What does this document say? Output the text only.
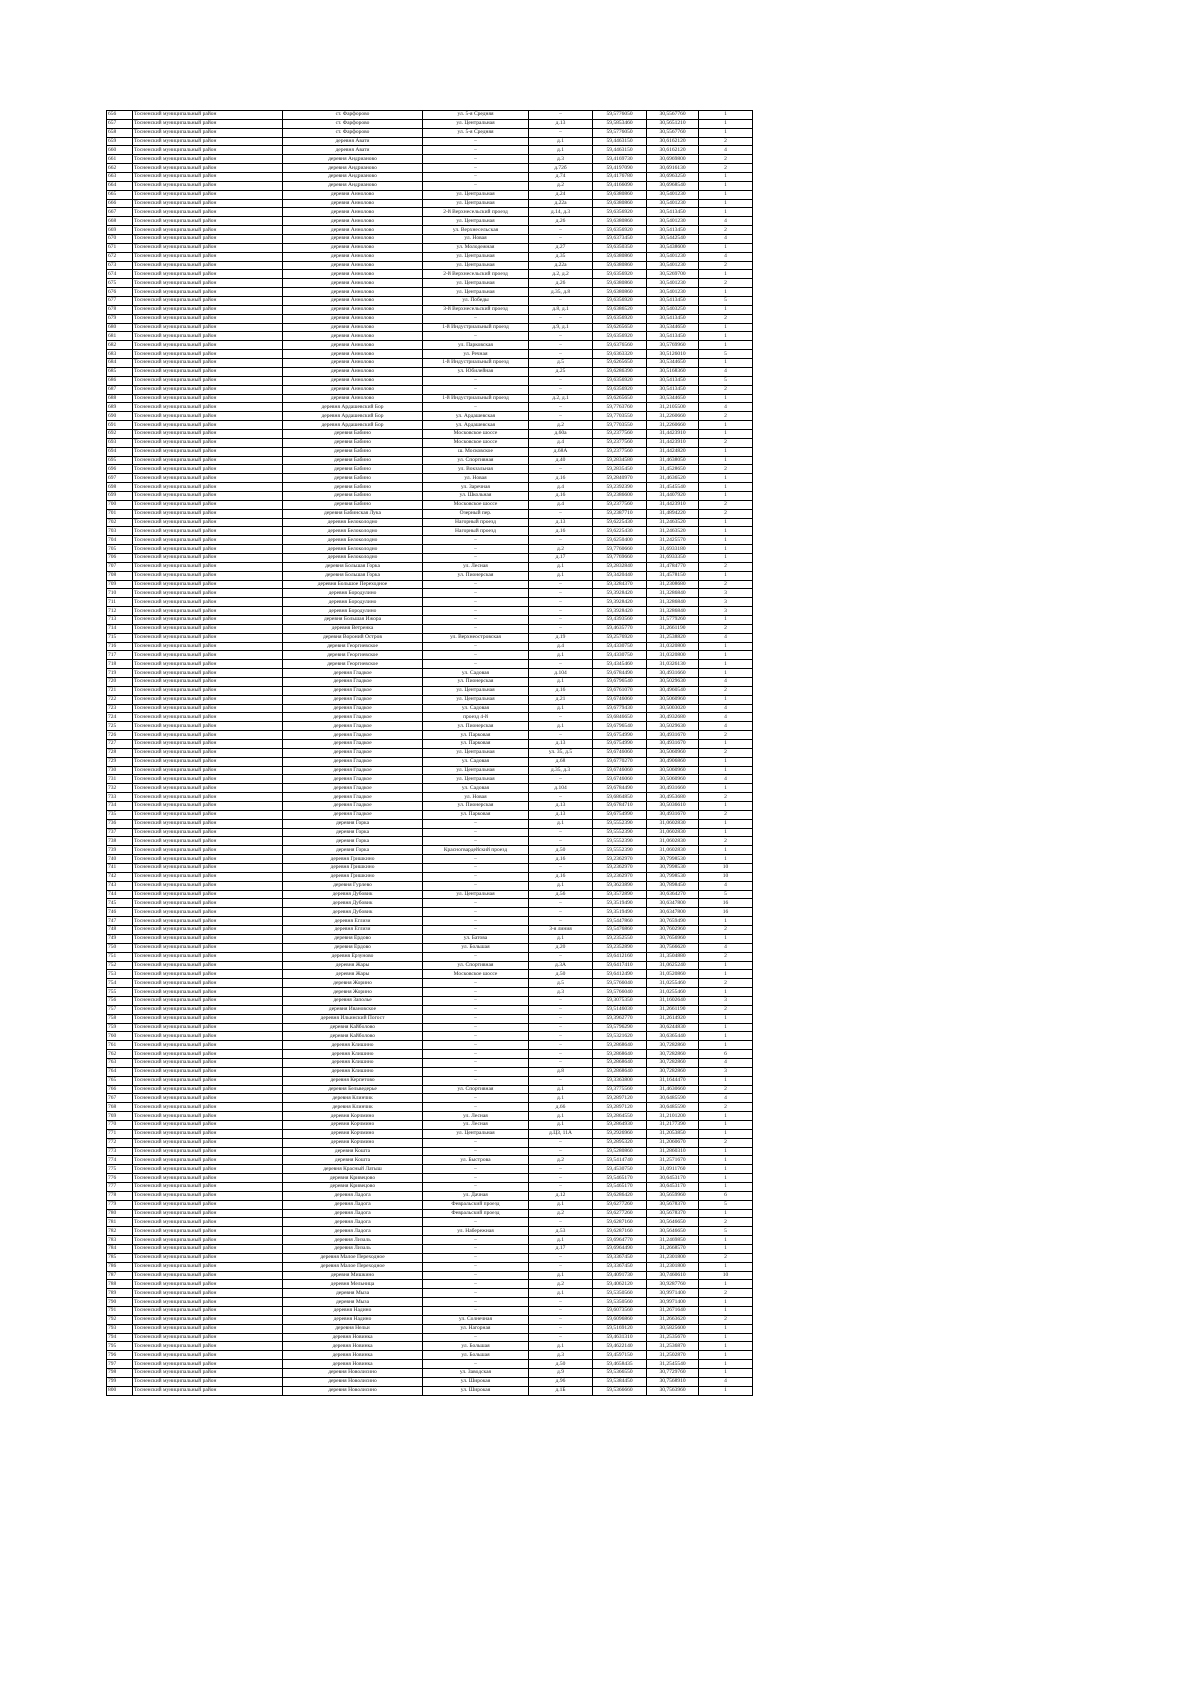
656	Тосненский муниципальный район	ст. Фарфорово	ул. 5-я Средняя	–	59,5776050	30,5567760	1
657	Тосненский муниципальный район	ст. Фарфорово	ул. Центральная	д.13	59,5853460	30,5651210	1
658	Тосненский муниципальный район	ст. Фарфорово	ул. 5-я Средняя	–	59,5776050	30,5567760	1
659	Тосненский муниципальный район	деревня Авати	–	д.1	59,4463150	30,6162120	2
660	Тосненский муниципальный район	деревня Авати	–	д.1	59,4463150	30,6162120	4
661	Тосненский муниципальный район	деревня Андрианово	–	д.3	59,4169730	30,6969800	2
662	Тосненский муниципальный район	деревня Андрианово	–	д.72б	59,4197090	30,6916130	2
663	Тосненский муниципальный район	деревня Андрианово	–	д.74	59,4176780	30,6963250	1
664	Тосненский муниципальный район	деревня Андрианово	–	д.2	59,4166090	30,6968540	1
665	Тосненский муниципальный район	деревня Аннолово	ул. Центральная	д.24	59,6380860	30,5401230	1
666	Тосненский муниципальный район	деревня Аннолово	ул. Центральная	д.22а	59,6380860	30,5401230	1
667	Тосненский муниципальный район	деревня Аннолово	2-й Верхнесельский проезд	д.14, д.3	59,6356920	30,5413450	1
668	Тосненский муниципальный район	деревня Аннолово	ул. Центральная	д.26	59,6380860	30,5401230	4
669	Тосненский муниципальный район	деревня Аннолово	ул. Верхнесельская	–	59,6356920	30,5413450	2
670	Тосненский муниципальный район	деревня Аннолово	ул. Новая	–	59,6373450	30,5442540	4
671	Тосненский муниципальный район	деревня Аннолово	ул. Молодежная	д.27	59,6350350	30,5438600	1
672	Тосненский муниципальный район	деревня Аннолово	ул. Центральная	д.35	59,6380860	30,5401230	4
673	Тосненский муниципальный район	деревня Аннолово	ул. Центральная	д.22а	59,6380860	30,5401230	2
674	Тосненский муниципальный район	деревня Аннолово	2-й Верхнесельский проезд	д.2, д.2	59,6356920	30,5269700	1
675	Тосненский муниципальный район	деревня Аннолово	ул. Центральная	д.26	59,6380860	30,5401230	2
676	Тосненский муниципальный район	деревня Аннолово	ул. Центральная	д.35, д.8	59,6380860	30,5401230	1
677	Тосненский муниципальный район	деревня Аннолово	ул. Победы	–	59,6356920	30,5413450	5
678	Тосненский муниципальный район	деревня Аннолово	3-й Верхнесельский проезд	д.8, д.1	59,6386520	30,5403250	1
679	Тосненский муниципальный район	деревня Аннолово	–	–	59,6356920	30,5413450	2
680	Тосненский муниципальный район	деревня Аннолово	1-й Индустриальный проезд	д.9, д.1	59,6265650	30,5344650	1
681	Тосненский муниципальный район	деревня Аннолово	–	–	59,6356920	30,5413450	1
682	Тосненский муниципальный район	деревня Аннолово	ул. Парковская	–	59,6376560	30,5769960	1
683	Тосненский муниципальный район	деревня Аннолово	ул. Речная	–	59,6363320	30,5126010	5
684	Тосненский муниципальный район	деревня Аннолово	1-й Индустриальный проезд	д.5	59,6265650	30,5344650	1
685	Тосненский муниципальный район	деревня Аннолово	ул. Юбилейная	д.25	59,6286390	30,5168360	4
686	Тосненский муниципальный район	деревня Аннолово	–	–	59,6356920	30,5413450	5
687	Тосненский муниципальный район	деревня Аннолово	–	–	59,6356920	30,5413450	2
688	Тосненский муниципальный район	деревня Аннолово	1-й Индустриальный проезд	д.2, д.1	59,6265650	30,5344650	1
689	Тосненский муниципальный район	деревня Ардашевский Бор	–	–	59,7763760	31,2105500	4
690	Тосненский муниципальный район	деревня Ардашевский Бор	ул. Ардашевская	–	59,7703550	31,2260660	2
691	Тосненский муниципальный район	деревня Ардашевский Бор	ул. Ардашевская	д.2	59,7703550	31,2260660	1
692	Тосненский муниципальный район	деревня Бабино	Московское шоссе	д.60а	59,2377560	31,4423910	1
693	Тосненский муниципальный район	деревня Бабино	Московское шоссе	д.4	59,2377560	31,4423910	2
694	Тосненский муниципальный район	деревня Бабино	ш. Московское	д.68А	59,2377560	31,4424820	1
695	Тосненский муниципальный район	деревня Бабино	ул. Спортивная	д.40	59,2834580	31,4638050	1
696	Тосненский муниципальный район	деревня Бабино	ул. Вокзальная	–	59,2835450	31,4528650	2
697	Тосненский муниципальный район	деревня Бабино	ул. Новая	д.16	59,2840970	31,4636520	1
698	Тосненский муниципальный район	деревня Бабино	ул. Заречная	д.4	59,2392390	31,4545540	1
699	Тосненский муниципальный район	деревня Бабино	ул. Школьная	д.16	59,2386600	31,4407920	1
700	Тосненский муниципальный район	деревня Бабино	Московское шоссе	д.4	59,2377560	31,4423910	2
701	Тосненский муниципальный район	деревня Бабинская Лука	Озерный пер.	–	59,2387710	31,4894220	2
702	Тосненский муниципальный район	деревня Белоколодно	Нагорный проезд	д.13	59,6225430	31,2463520	1
703	Тосненский муниципальный район	деревня Белоколодно	Нагорный проезд	д.16	59,6225430	31,2463520	1
704	Тосненский муниципальный район	деревня Белоколодно	–	–	59,6250400	31,2425570	1
705	Тосненский муниципальный район	деревня Белоколодно	–	д.2	59,7760660	31,6933180	1
706	Тосненский муниципальный район	деревня Белоколодно	–	д.17	59,7769660	31,6933350	1
707	Тосненский муниципальный район	деревня Большая Горка	ул. Лесная	д.1	59,2832840	31,4784770	2
708	Тосненский муниципальный район	деревня Большая Горка	ул. Пионерская	д.1	59,3420440	31,4578150	1
709	Тосненский муниципальный район	деревня Большое Переходное	–	–	59,3284370	31,2308680	2
710	Тосненский муниципальный район	деревня Бородулино	–	–	59,3928420	31,3286840	3
711	Тосненский муниципальный район	деревня Бородулино	–	–	59,3928420	31,3286840	3
712	Тосненский муниципальный район	деревня Бородулино	–	–	59,3928420	31,3286840	3
713	Тосненский муниципальный район	деревня Большая Ижора	–	–	59,4393560	31,5779260	1
714	Тосненский муниципальный район	деревня Ветренка	–	–	59,4635770	31,2661190	2
715	Тосненский муниципальный район	деревня Вороний Остров	ул. Верхнеостровская	д.19	59,2576920	31,2538820	4
716	Тосненский муниципальный район	деревня Георгиевское	–	д.4	59,4330750	31,0320800	1
717	Тосненский муниципальный район	деревня Георгиевское	–	д.1	59,4330750	31,0320800	1
718	Тосненский муниципальный район	деревня Георгиевское	–	–	59,4345460	31,0326130	1
719	Тосненский муниципальный район	деревня Гладкое	ул. Садовая	д.104	59,6784490	30,4931660	1
720	Тосненский муниципальный район	деревня Гладкое	ул. Пионерская	д.1	59,6796540	30,5029630	4
721	Тосненский муниципальный район	деревня Гладкое	ул. Центральная	д.16	59,6761070	30,4960540	2
722	Тосненский муниципальный район	деревня Гладкое	ул. Центральная	д.21	59,6746060	30,5060960	1
723	Тосненский муниципальный район	деревня Гладкое	ул. Садовая	д.1	59,6779430	30,5003020	4
724	Тосненский муниципальный район	деревня Гладкое	проезд 4-й	–	59,6846650	30,4932680	4
725	Тосненский муниципальный район	деревня Гладкое	ул. Пионерская	д.1	59,6796540	30,5029630	4
726	Тосненский муниципальный район	деревня Гладкое	ул. Парковая	–	59,6754990	30,4931670	2
727	Тосненский муниципальный район	деревня Гладкое	ул. Парковая	д.13	59,6754990	30,4931670	1
728	Тосненский муниципальный район	деревня Гладкое	ул. Центральная	ул. 35, д.5	59,6746060	30,5060960	2
729	Тосненский муниципальный район	деревня Гладкое	ул. Садовая	д.68	59,6770270	30,4906860	1
730	Тосненский муниципальный район	деревня Гладкое	ул. Центральная	д.35, д.3	59,6746060	30,5060960	1
731	Тосненский муниципальный район	деревня Гладкое	ул. Центральная	–	59,6746060	30,5060960	4
732	Тосненский муниципальный район	деревня Гладкое	ул. Садовая	д.104	59,6784490	30,4931660	1
733	Тосненский муниципальный район	деревня Гладкое	ул. Новая	–	59,6864850	30,4953680	2
734	Тосненский муниципальный район	деревня Гладкое	ул. Пионерская	д.13	59,6784710	30,5036610	1
735	Тосненский муниципальный район	деревня Гладкое	ул. Парковая	д.13	59,6754990	30,4931670	2
736	Тосненский муниципальный район	деревня Горка	–	д.1	59,5552390	31,0602830	1
737	Тосненский муниципальный район	деревня Горка	–	–	59,5552390	31,0602830	1
738	Тосненский муниципальный район	деревня Горка	–	–	59,5552390	31,0602830	2
739	Тосненский муниципальный район	деревня Горка	Красногвардейский проезд	д.50	59,5552390	31,0602830	1
740	Тосненский муниципальный район	деревня Гришкино	–	д.16	59,2362970	30,7998530	1
741	Тосненский муниципальный район	деревня Гришкино	–	–	59,2362970	30,7998530	10
742	Тосненский муниципальный район	деревня Гришкино	–	д.16	59,2362970	30,7998530	10
743	Тосненский муниципальный район	деревня Гурлево	–	д.1	59,3623890	30,7898450	4
744	Тосненский муниципальный район	деревня Дубовик	ул. Центральная	д.56	59,3572890	30,6364270	5
745	Тосненский муниципальный район	деревня Дубовик	–	–	59,3519490	30,6347800	16
746	Тосненский муниципальный район	деревня Дубовик	–	–	59,3519490	30,6347800	16
747	Тосненский муниципальный район	деревня Еглизи	–	–	59,5447860	30,7659490	1
748	Тосненский муниципальный район	деревня Еглизи	–	3-я линия	59,5476860	30,7602960	2
749	Тосненский муниципальный район	деревня Ердово	ул. Батова	д.1	59,2352550	30,7656960	1
750	Тосненский муниципальный район	деревня Ердово	ул. Большая	д.20	59,2352890	30,7566620	4
751	Тосненский муниципальный район	деревня Ерзуново	–	–	59,6412160	31,3504880	2
752	Тосненский муниципальный район	деревня Жары	ул. Спортивная	д.3А	59,6417410	31,0625240	1
753	Тосненский муниципальный район	деревня Жары	Московское шоссе	д.50	59,6412490	31,0520860	1
754	Тосненский муниципальный район	деревня Жорино	–	д.5	59,5766040	31,0255460	2
755	Тосненский муниципальный район	деревня Жорино	–	д.3	59,5766040	31,0255460	1
756	Тосненский муниципальный район	деревня Заполье	–	–	59,3075350	31,1602640	3
757	Тосненский муниципальный район	деревня Ивановское	–	–	59,5146030	31,2661190	2
758	Тосненский муниципальный район	деревня Ильинский Погост	–	–	59,3962770	31,2614920	1
759	Тосненский муниципальный район	деревня Кайболово	–	–	59,5796290	30,6244830	1
760	Тосненский муниципальный район	деревня Кайболово	–	–	59,5321620	30,6365440	1
761	Тосненский муниципальный район	деревня Клишино	–	–	59,2868640	30,7282860	1
762	Тосненский муниципальный район	деревня Клишино	–	–	59,2868640	30,7282860	6
763	Тосненский муниципальный район	деревня Клишино	–	–	59,2868640	30,7282860	4
764	Тосненский муниципальный район	деревня Клишино	–	д.8	59,2868640	30,7282860	3
765	Тосненский муниципальный район	деревня Керпетово	–	–	59,3363800	31,1644470	1
766	Тосненский муниципальный район	деревня Бельведерье	ул. Спортивная	д.1	59,3775560	31,4630660	2
767	Тосненский муниципальный район	деревня Клинчик	–	д.1	59,2897120	30,6485590	4
768	Тосненский муниципальный район	деревня Клинчик	–	д.66	59,2897120	30,6485590	2
769	Тосненский муниципальный район	деревня Корчмино	ул. Лесная	д.1	59,2864550	31,2101200	1
770	Тосненский муниципальный район	деревня Корчмино	ул. Лесная	д.1	59,2864930	31,2177390	1
771	Тосненский муниципальный район	деревня Корчмино	ул. Центральная	д.ЦЗ, 11А	59,2926960	31,2053850	1
772	Тосненский муниципальный район	деревня Корчмино	–	–	59,2895320	31,2060670	2
773	Тосненский муниципальный район	деревня Кошта	–	–	59,5280860	31,2860310	1
774	Тосненский муниципальный район	деревня Кошта	ул. Быстрова	д.2	59,5414740	31,2571670	1
775	Тосненский муниципальный район	деревня Красный Латыш	–	–	59,4530750	31,0911760	1
776	Тосненский муниципальный район	деревня Кривецово	–	–	59,5465170	30,6453170	1
777	Тосненский муниципальный район	деревня Кривецово	–	–	59,5465170	30,6453170	1
778	Тосненский муниципальный район	деревня Ладога	ул. Дачная	д.12	59,6286420	30,5659960	6
779	Тосненский муниципальный район	деревня Ладога	Февральский проезд	д.1	59,6277260	30,5678370	5
780	Тосненский муниципальный район	деревня Ладога	Февральский проезд	д.2	59,6277260	30,5678370	1
781	Тосненский муниципальный район	деревня Ладога	–	–	59,6287160	30,5646650	2
782	Тосненский муниципальный район	деревня Ладога	ул. Набережная	д.53	59,6287160	30,5646650	5
783	Тосненский муниципальный район	деревня Лизаль	–	д.1	59,6964770	31,2469850	1
784	Тосненский муниципальный район	деревня Лизаль	–	д.17	59,6964490	31,2668570	1
785	Тосненский муниципальный район	деревня Малое Переходное	–	–	59,3367450	31,2301800	2
786	Тосненский муниципальный район	деревня Малое Переходное	–	–	59,3367450	31,2301800	1
787	Тосненский муниципальный район	деревня Мишкино	–	д.1	59,4091730	30,7460610	10
788	Тосненский муниципальный район	деревня Мельница	–	д.2	59,4062120	30,9287760	1
789	Тосненский муниципальный район	деревня Мыза	–	д.1	59,5350560	30,9971400	2
790	Тосненский муниципальный район	деревня Мыза	–	–	59,5350560	30,9971400	1
791	Тосненский муниципальный район	деревня Надино	–	–	59,6073560	31,2671640	1
792	Тосненский муниципальный район	деревня Надино	ул. Солнечная	–	59,6096860	31,2663620	2
793	Тосненский муниципальный район	деревня Нельи	ул. Нагорная	–	59,5169120	30,5825600	1
794	Тосненский муниципальный район	деревня Новинка	–	–	59,4631310	31,2535670	1
795	Тосненский муниципальный район	деревня Новинка	ул. Большая	д.1	59,4622140	31,2536870	1
796	Тосненский муниципальный район	деревня Новинка	ул. Большая	д.3	59,4597150	31,2502870	1
797	Тосненский муниципальный район	деревня Новинка	–	д.50	59,4658435	31,2545540	1
798	Тосненский муниципальный район	деревня Новолисино	ул. Заводская	д.9	59,5366550	30,7729760	1
799	Тосненский муниципальный район	деревня Новолисино	ул. Широкая	д.96	59,5384450	30,7568910	4
800	Тосненский муниципальный район	деревня Новолисино	ул. Широкая	д.1Б	59,5366660	30,7563960	1
